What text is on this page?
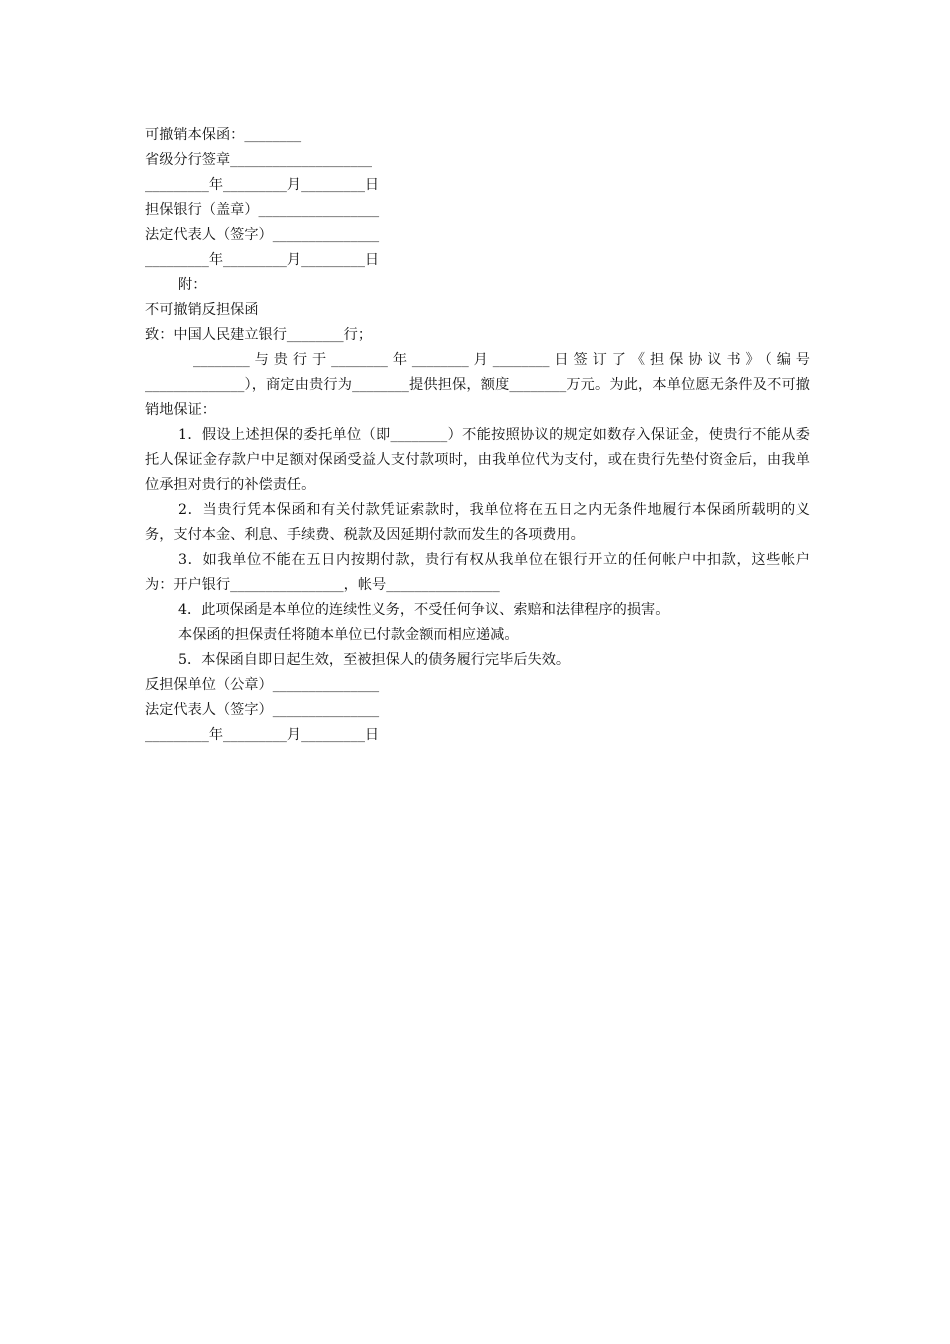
可撤销本保函：________

省级分行签章____________________

_________年_________月_________日

担保银行（盖章）_________________

法定代表人（签字）_______________

_________年_________月_________日

附：

不可撤销反担保函

致：中国人民建立银行________行；

________与贵行于________年________月________日签订了《担保协议书》（编号______________），商定由贵行为________提供担保，额度________万元。为此，本单位愿无条件及不可撤销地保证：

1．假设上述担保的委托单位（即________）不能按照协议的规定如数存入保证金，使贵行不能从委托人保证金存款户中足额对保函受益人支付款项时，由我单位代为支付，或在贵行先垫付资金后，由我单位承担对贵行的补偿责任。

2．当贵行凭本保函和有关付款凭证索款时，我单位将在五日之内无条件地履行本保函所载明的义务，支付本金、利息、手续费、税款及因延期付款而发生的各项费用。

3．如我单位不能在五日内按期付款，贵行有权从我单位在银行开立的任何帐户中扣款，这些帐户为：开户银行________________，帐号________________

4．此项保函是本单位的连续性义务，不受任何争议、索赔和法律程序的损害。

本保函的担保责任将随本单位已付款金额而相应递减。

5．本保函自即日起生效，至被担保人的债务履行完毕后失效。

反担保单位（公章）_______________

法定代表人（签字）_______________

_________年_________月_________日
